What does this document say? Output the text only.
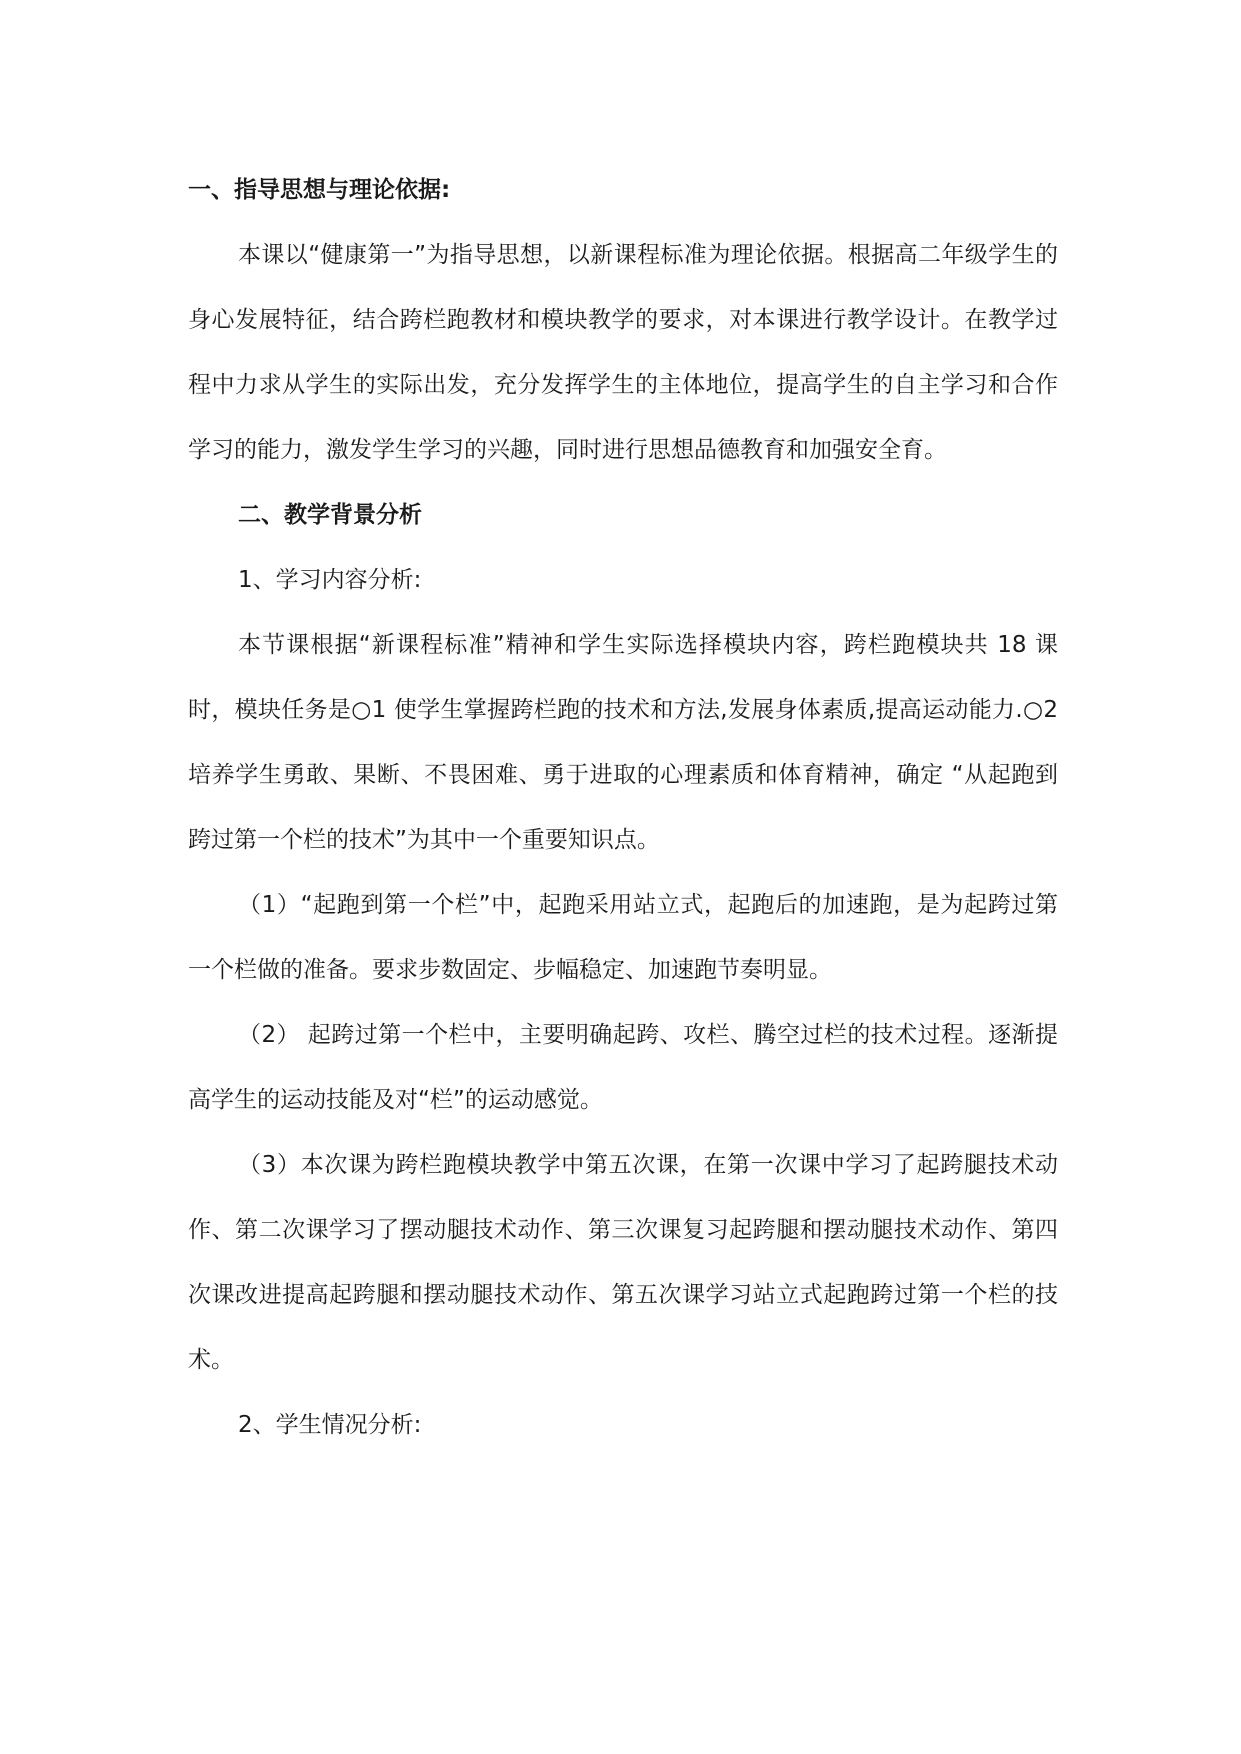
一、指导思想与理论依据:

本课以“健康第一”为指导思想，以新课程标准为理论依据。根据高二年级学生的身心发展特征，结合跨栏跑教材和模块教学的要求，对本课进行教学设计。在教学过程中力求从学生的实际出发，充分发挥学生的主体地位，提高学生的自主学习和合作学习的能力，激发学生学习的兴趣，同时进行思想品德教育和加强安全育。

二、教学背景分析

1、学习内容分析:

本节课根据“新课程标准”精神和学生实际选择模块内容，跨栏跑模块共 18 课时，模块任务是○1 使学生掌握跨栏跑的技术和方法,发展身体素质,提高运动能力.○2 培养学生勇敢、果断、不畏困难、勇于进取的心理素质和体育精神，确定 “从起跑到跨过第一个栏的技术”为其中一个重要知识点。

（1）“起跑到第一个栏”中，起跑采用站立式，起跑后的加速跑，是为起跨过第一个栏做的准备。要求步数固定、步幅稳定、加速跑节奏明显。

（2） 起跨过第一个栏中，主要明确起跨、攻栏、腾空过栏的技术过程。逐渐提高学生的运动技能及对“栏”的运动感觉。

（3）本次课为跨栏跑模块教学中第五次课，在第一次课中学习了起跨腿技术动作、第二次课学习了摆动腿技术动作、第三次课复习起跨腿和摆动腿技术动作、第四次课改进提高起跨腿和摆动腿技术动作、第五次课学习站立式起跑跨过第一个栏的技术。

2、学生情况分析:
